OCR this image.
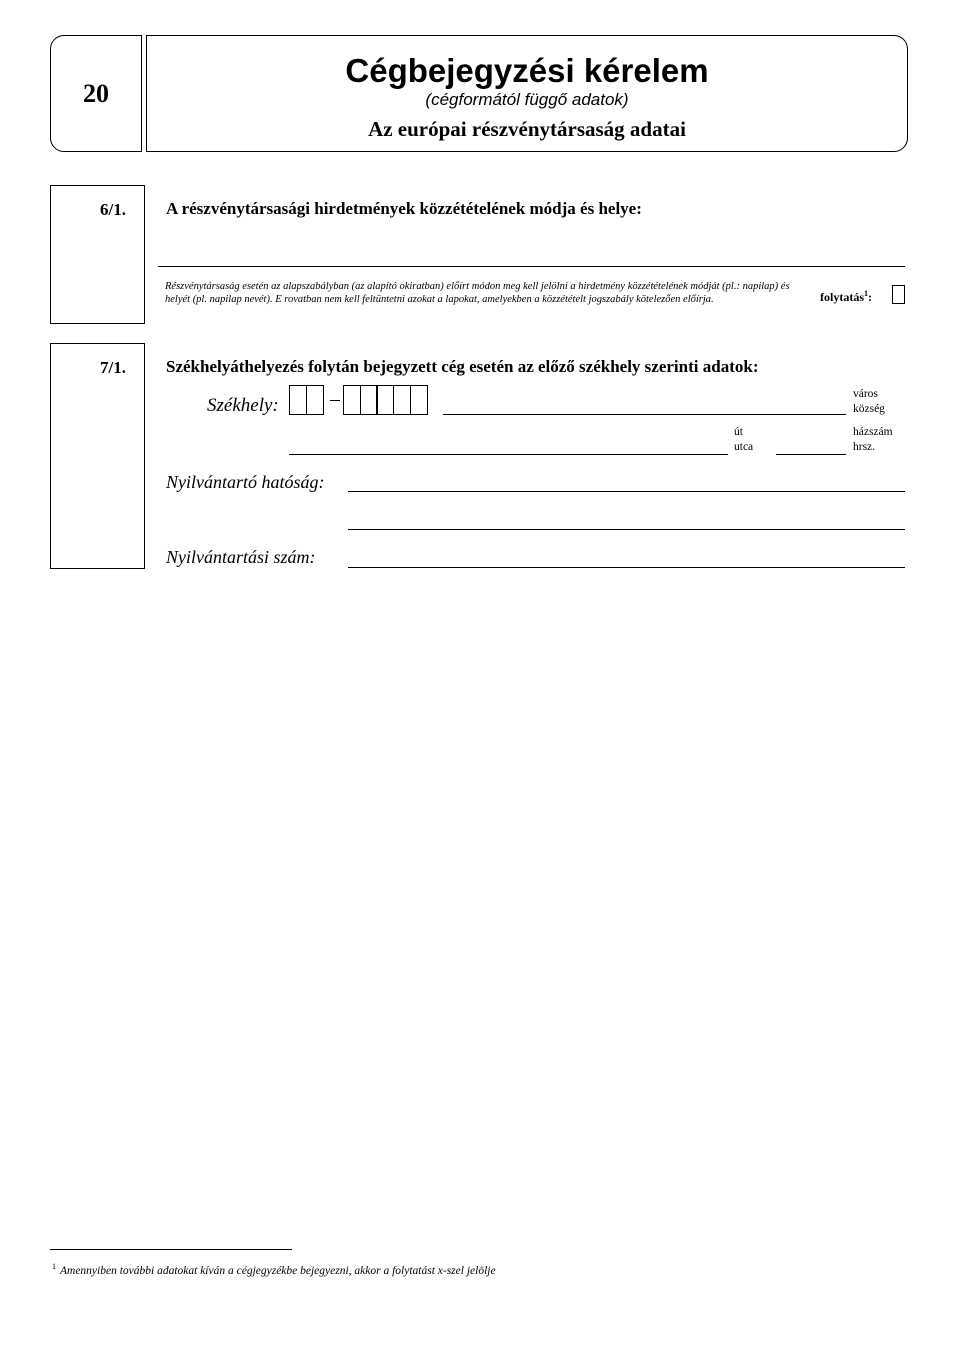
20
Cégbejegyzési kérelem
(cégformától függő adatok)
Az európai részvénytársaság adatai
6/1. A részvénytársasági hirdetmények közzétételének módja és helye:
Részvénytársaság esetén az alapszabályban (az alapító okiratban) előírt módon meg kell jelölni a hirdetmény közzétételének módját (pl.: napilap) és helyét (pl. napilap nevét). E rovatban nem kell feltüntetni azokat a lapokat, amelyekben a közzétételt jogszabály kötelezően előírja.	folytatás$^1$:
7/1. Székhelyáthelyezés folytán bejegyzett cég esetén az előző székhely szerinti adatok:
Székhely:
város
község
út
utca
házszám
hrsz.
Nyilvántartó hatóság:
Nyilvántartási szám:
$^1$ Amennyiben további adatokat kíván a cégjegyzékbe bejegyezni, akkor a folytatást x-szel jelölje
